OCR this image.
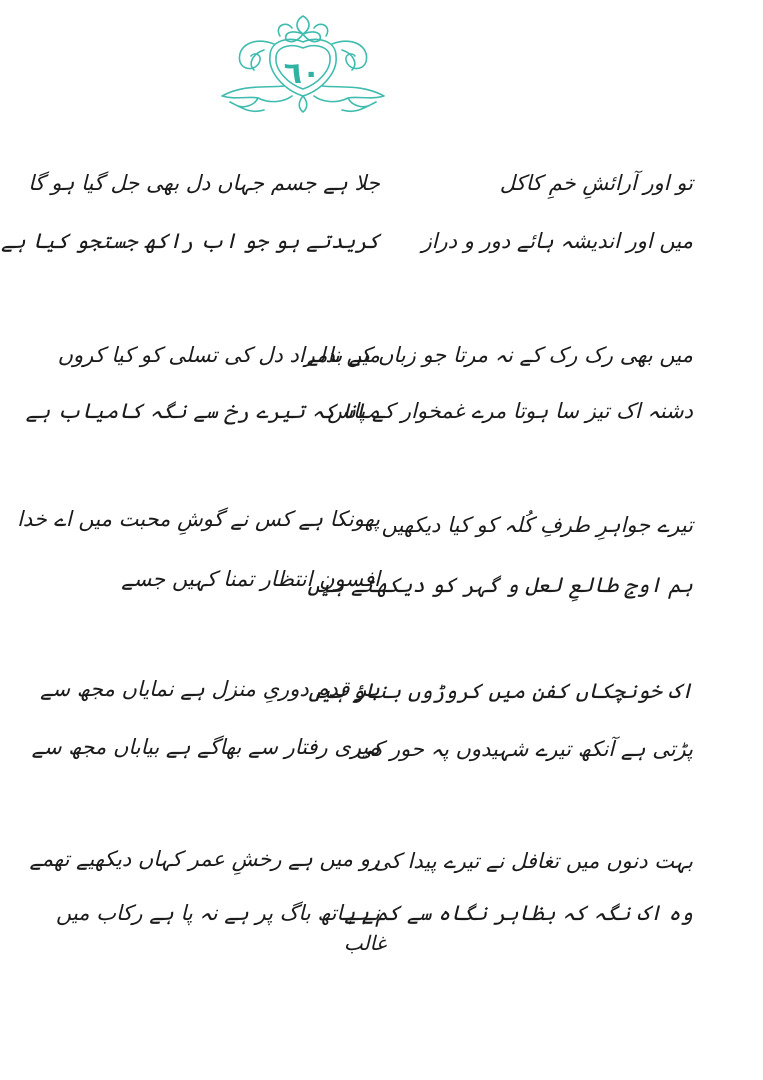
٦٠
تو اور آرائشِ خمِ کاکل
میں اور اندیشہ ہائے دور و دراز
جلا ہے جسم جہاں دل بھی جل گیا ہو گا
کریدتے ہو جو اب راکھ جستجو کیا ہے
میں بھی رک رک کے نہ مرتا جو زباں کے بدلے
دشنہ اک تیز سا ہوتا مرے غمخوار کے پاس
میں نامراد دل کی تسلی کو کیا کروں
مانا کہ تیرے رخ سے نگہ کامیاب ہے
تیرے جواہرِ طرفِ کُلہ کو کیا دیکھیں
ہم اوجِ طالعِ لعل و گہر کو دیکھتے ہیں
پھونکا ہے کس نے گوشِ محبت میں اے خدا
افسونِ انتظار تمنا کہیں جسے
اک خونچکاں کفن میں کروڑوں بناؤ ہیں
پڑتی ہے آنکھ تیرے شہیدوں پہ حور کی
ہر قدم دوریِ منزل ہے نمایاں مجھ سے
میری رفتار سے بھاگے ہے بیاباں مجھ سے
بہت دنوں میں تغافل نے تیرے پیدا کی
وہ اک نگہ کہ بظاہر نگاہ سے کم ہے
رو میں ہے رخشِ عمر کہاں دیکھیے تھمے
نے ہاتھ باگ پر ہے نہ پا ہے رکاب میں
غالب
